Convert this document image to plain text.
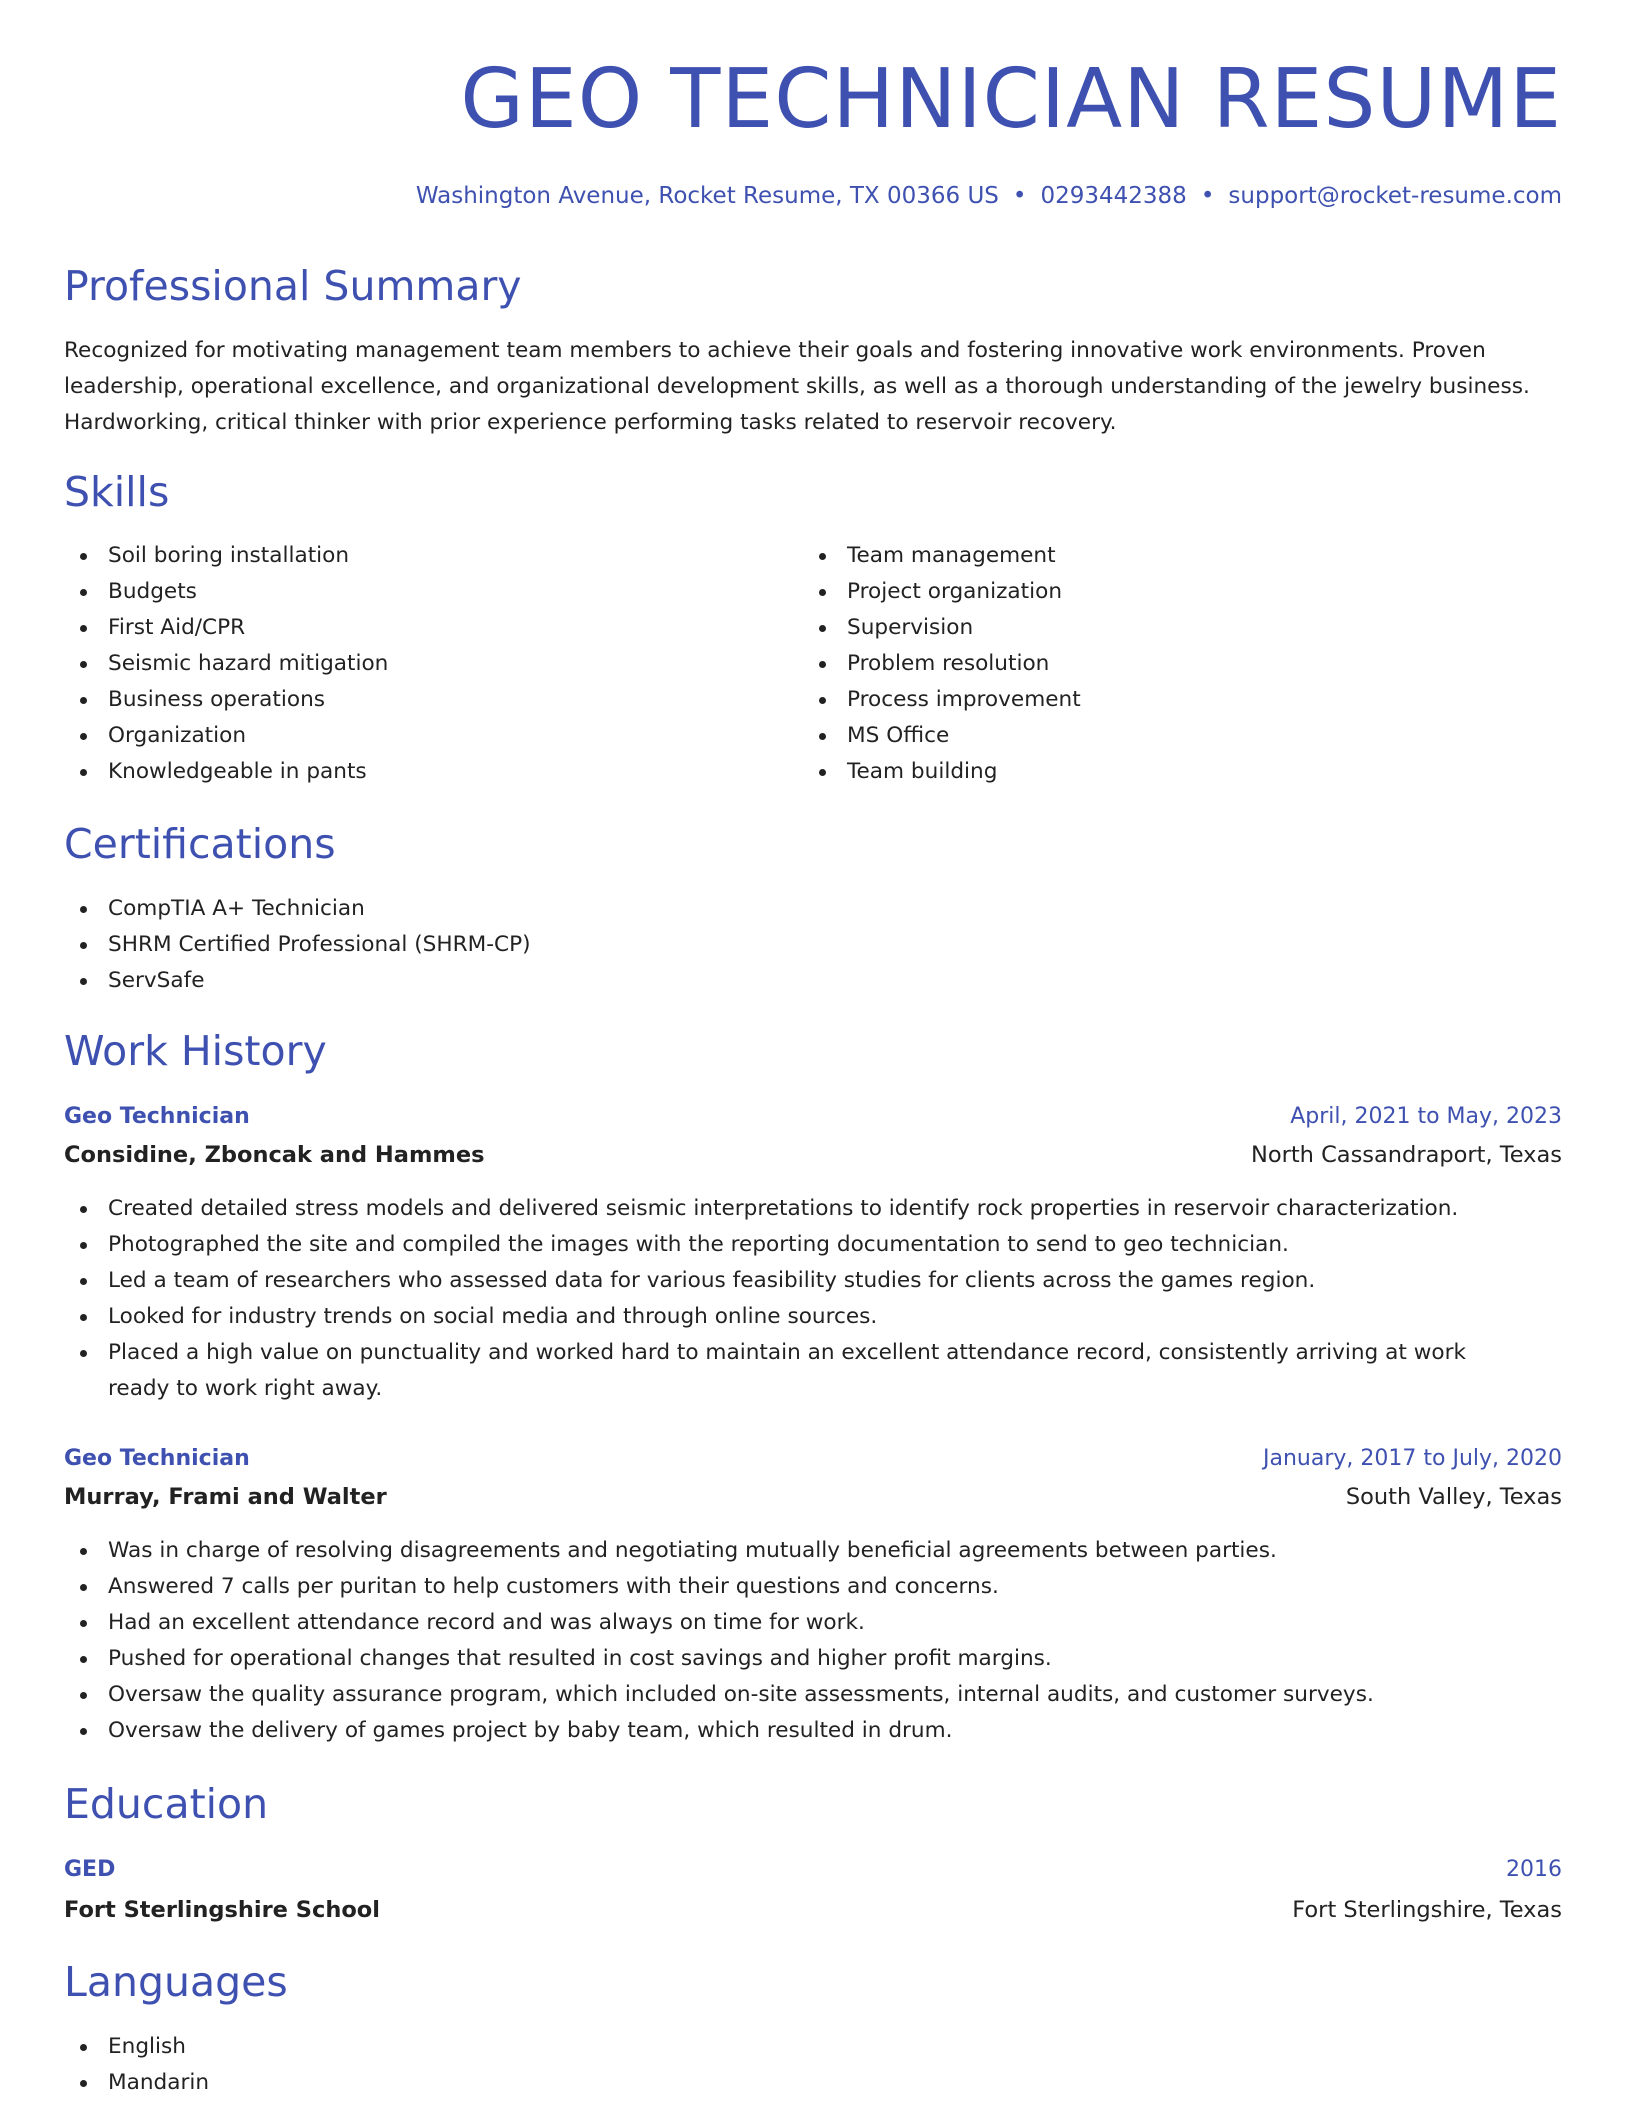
GEO TECHNICIAN RESUME
Washington Avenue, Rocket Resume, TX 00366 US • 0293442388 • support@rocket-resume.com
Professional Summary

Recognized for motivating management team members to achieve their goals and fostering innovative work environments. Proven leadership, operational excellence, and organizational development skills, as well as a thorough understanding of the jewelry business. Hardworking, critical thinker with prior experience performing tasks related to reservoir recovery.

Skills
Soil boring installation
Budgets
First Aid/CPR
Seismic hazard mitigation
Business operations
Organization
Knowledgeable in pants
Team management
Project organization
Supervision
Problem resolution
Process improvement
MS Office
Team building
Certifications
CompTIA A+ Technician
SHRM Certified Professional (SHRM-CP)
ServSafe
Work History
Geo Technician	April, 2021 to May, 2023
Considine, Zboncak and Hammes	North Cassandraport, Texas
Created detailed stress models and delivered seismic interpretations to identify rock properties in reservoir characterization.
Photographed the site and compiled the images with the reporting documentation to send to geo technician.
Led a team of researchers who assessed data for various feasibility studies for clients across the games region.
Looked for industry trends on social media and through online sources.
Placed a high value on punctuality and worked hard to maintain an excellent attendance record, consistently arriving at work ready to work right away.
Geo Technician	January, 2017 to July, 2020
Murray, Frami and Walter	South Valley, Texas
Was in charge of resolving disagreements and negotiating mutually beneficial agreements between parties.
Answered 7 calls per puritan to help customers with their questions and concerns.
Had an excellent attendance record and was always on time for work.
Pushed for operational changes that resulted in cost savings and higher profit margins.
Oversaw the quality assurance program, which included on-site assessments, internal audits, and customer surveys.
Oversaw the delivery of games project by baby team, which resulted in drum.
Education
GED	2016
Fort Sterlingshire School	Fort Sterlingshire, Texas
Languages
English
Mandarin
